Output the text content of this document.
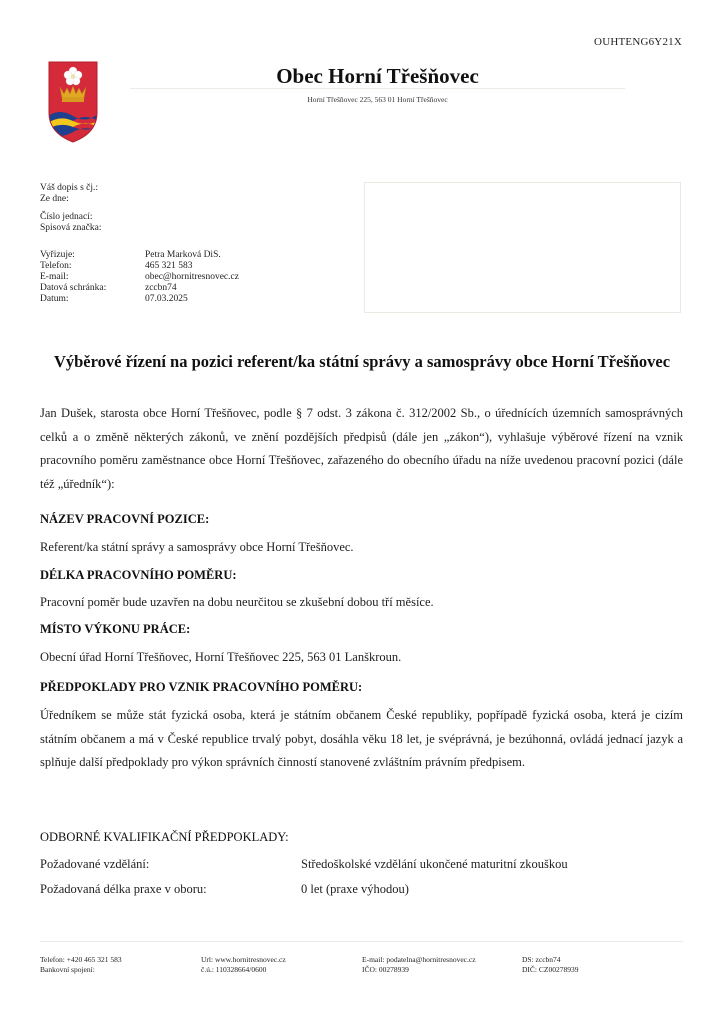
OUHTENG6Y21X
Obec Horní Třešňovec
Horní Třešňovec 225, 563 01 Horní Třešňovec
Váš dopis s čj.:
Ze dne:
Číslo jednací:
Spisová značka:
Vyřizuje:	Petra Marková DiS.
Telefon:	465 321 583
E-mail:	obec@hornitresnovec.cz
Datová schránka:	zccbn74
Datum:	07.03.2025
Výběrové řízení na pozici referent/ka státní správy a samosprávy obce Horní Třešňovec
Jan Dušek, starosta obce Horní Třešňovec, podle § 7 odst. 3 zákona č. 312/2002 Sb., o úřednících územních samosprávných celků a o změně některých zákonů, ve znění pozdějších předpisů (dále jen „zákon“), vyhlašuje výběrové řízení na vznik pracovního poměru zaměstnance obce Horní Třešňovec, zařazeného do obecního úřadu na níže uvedenou pracovní pozici (dále též „úředník“):
NÁZEV PRACOVNÍ POZICE:
Referent/ka státní správy a samosprávy obce Horní Třešňovec.
DÉLKA PRACOVNÍHO POMĚRU:
Pracovní poměr bude uzavřen na dobu neurčitou se zkušební dobou tří měsíce.
MÍSTO VÝKONU PRÁCE:
Obecní úřad Horní Třešňovec, Horní Třešňovec 225, 563 01 Lanškroun.
PŘEDPOKLADY PRO VZNIK PRACOVNÍHO POMĚRU:
Úředníkem se může stát fyzická osoba, která je státním občanem České republiky, popřípadě fyzická osoba, která je cizím státním občanem a má v České republice trvalý pobyt, dosáhla věku 18 let, je svéprávná, je bezúhonná, ovládá jednací jazyk a splňuje další předpoklady pro výkon správních činností stanovené zvláštním právním předpisem.
ODBORNÉ KVALIFIKAČNÍ PŘEDPOKLADY:
Požadované vzdělání:	Středoškolské vzdělání ukončené maturitní zkouškou
Požadovaná délka praxe v oboru:	0 let (praxe výhodou)
Telefon: +420 465 321 583
Bankovní spojení:
Url: www.hornitresnovec.cz
č.ú.: 110328664/0600
E-mail: podatelna@hornitresnovec.cz
IČO: 00278939
DS: zccbn74
DIČ: CZ00278939
